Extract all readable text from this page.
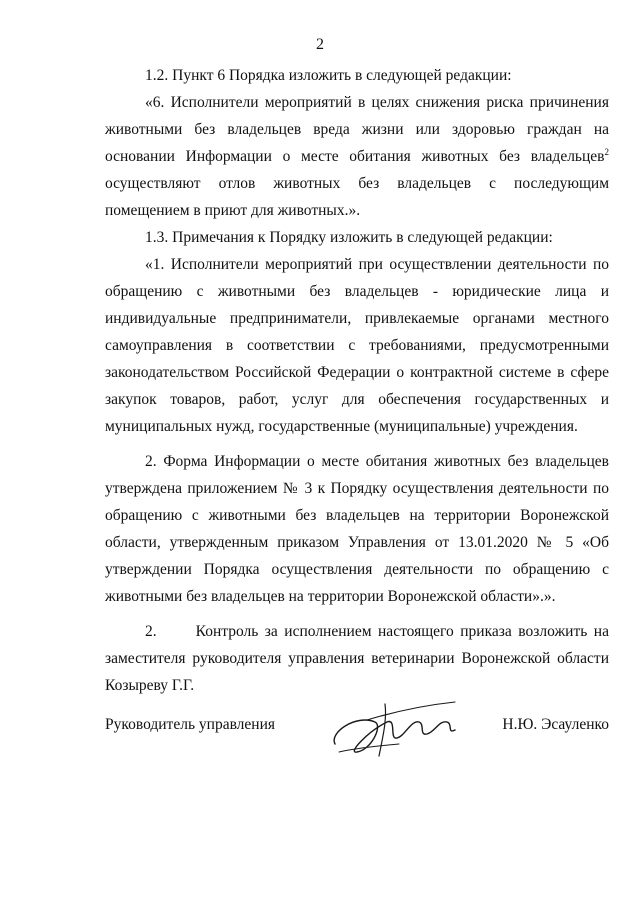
2

1.2. Пункт 6 Порядка изложить в следующей редакции:

«6. Исполнители мероприятий в целях снижения риска причинения животными без владельцев вреда жизни или здоровью граждан на основании Информации о месте обитания животных без владельцев$^2$ осуществляют отлов животных без владельцев с последующим помещением в приют для животных.».

1.3. Примечания к Порядку изложить в следующей редакции:

«1. Исполнители мероприятий при осуществлении деятельности по обращению с животными без владельцев - юридические лица и индивидуальные предприниматели, привлекаемые органами местного самоуправления в соответствии с требованиями, предусмотренными законодательством Российской Федерации о контрактной системе в сфере закупок товаров, работ, услуг для обеспечения государственных и муниципальных нужд, государственные (муниципальные) учреждения.

2. Форма Информации о месте обитания животных без владельцев утверждена приложением № 3 к Порядку осуществления деятельности по обращению с животными без владельцев на территории Воронежской области, утвержденным приказом Управления от 13.01.2020 № 5 «Об утверждении Порядка осуществления деятельности по обращению с животными без владельцев на территории Воронежской области».».

2.      Контроль за исполнением настоящего приказа возложить на заместителя руководителя управления ветеринарии Воронежской области Козыреву Г.Г.

Руководитель управления	Н.Ю. Эсауленко
